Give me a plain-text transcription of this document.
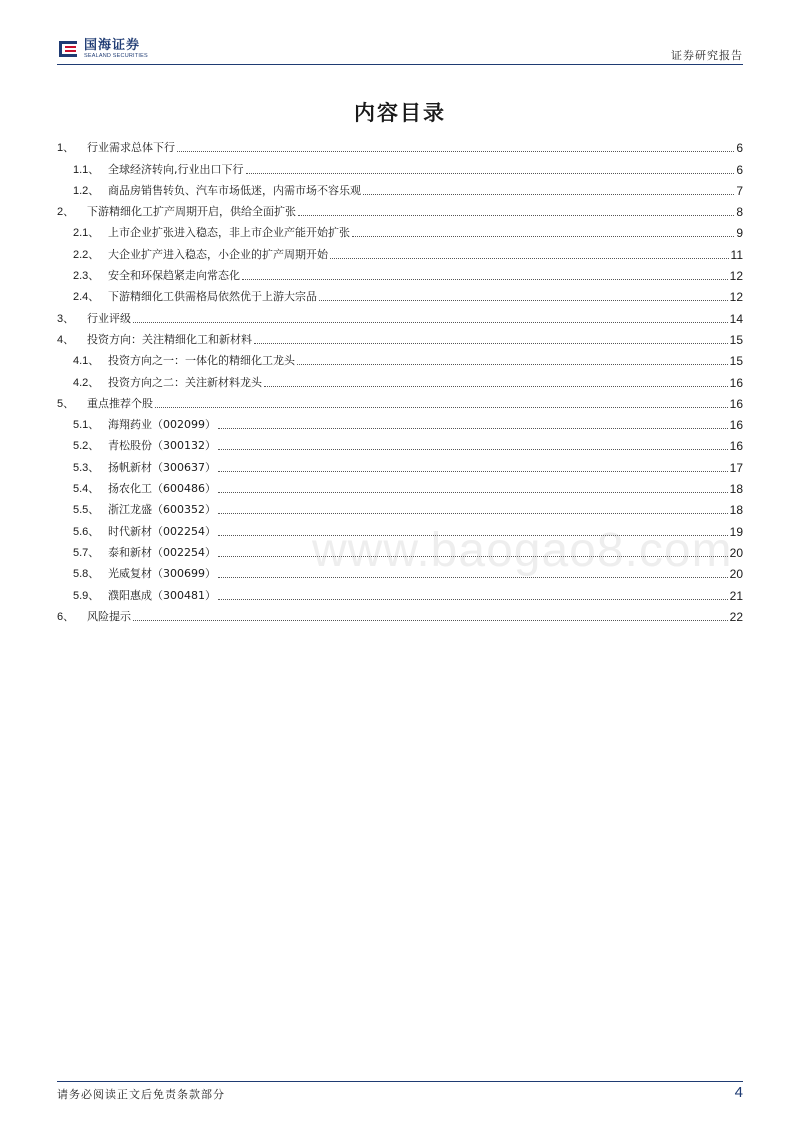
国海证券
SEALAND SECURITIES	证券研究报告
内容目录
1、	行业需求总体下行	6
1.1、 全球经济转向,行业出口下行	6
1.2、 商品房销售转负、汽车市场低迷，内需市场不容乐观	7
2、	下游精细化工扩产周期开启，供给全面扩张	8
2.1、 上市企业扩张进入稳态，非上市企业产能开始扩张	9
2.2、 大企业扩产进入稳态，小企业的扩产周期开始	11
2.3、 安全和环保趋紧走向常态化	12
2.4、 下游精细化工供需格局依然优于上游大宗品	12
3、	行业评级	14
4、	投资方向：关注精细化工和新材料	15
4.1、 投资方向之一：一体化的精细化工龙头	15
4.2、 投资方向之二：关注新材料龙头	16
5、	重点推荐个股	16
5.1、 海翔药业（002099）	16
5.2、 青松股份（300132）	16
5.3、 扬帆新材（300637）	17
5.4、 扬农化工（600486）	18
5.5、 浙江龙盛（600352）	18
5.6、 时代新材（002254）	19
5.7、 泰和新材（002254）	20
5.8、 光威复材（300699）	20
5.9、 濮阳惠成（300481）	21
6、	风险提示	22
www.baogao8.com
请务必阅读正文后免责条款部分	4
